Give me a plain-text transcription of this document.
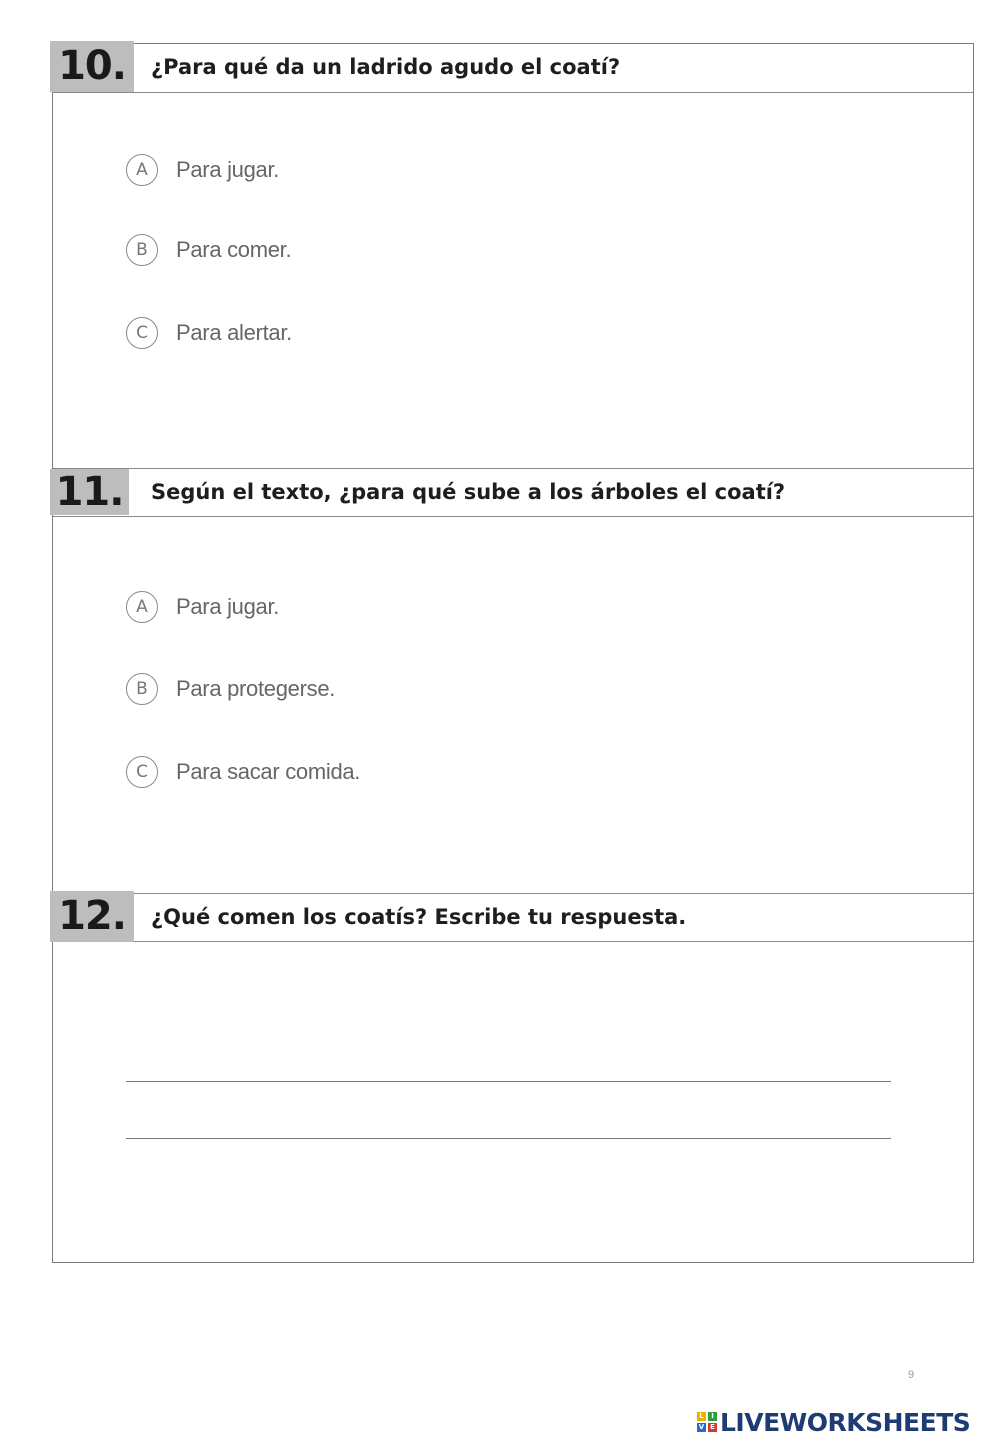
10.	¿Para qué da un ladrido agudo el coatí?
A	Para jugar.
B	Para comer.
C	Para alertar.
11. Según el texto, ¿para qué sube a los árboles el coatí?
A	Para jugar.
B	Para protegerse.
C	Para sacar comida.
12.	¿Qué comen los coatís? Escribe tu respuesta.
9
L	I
V E LIVEWORKSHEETS
